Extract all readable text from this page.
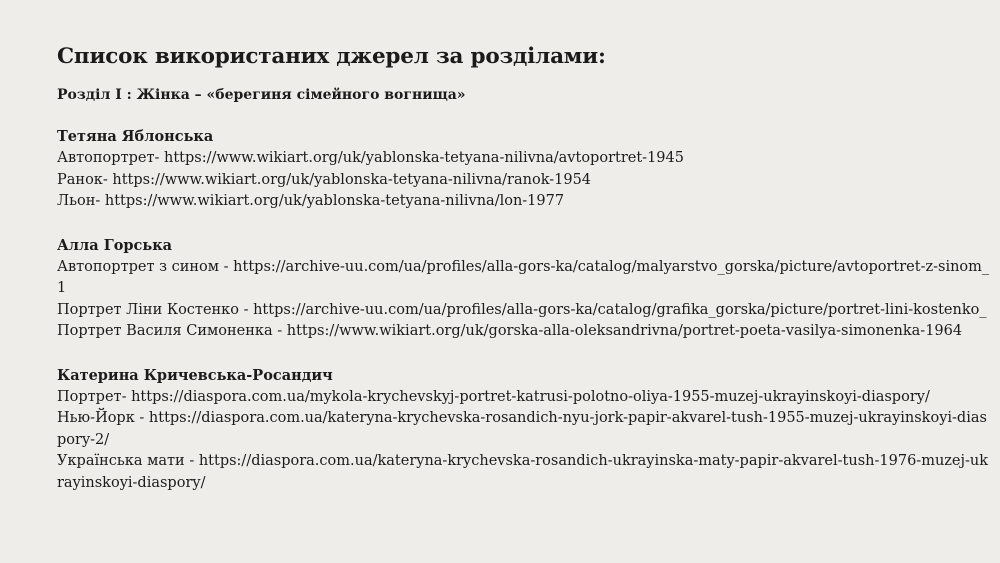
Список використаних джерел за розділами:
Розділ І : Жінка – «берегиня сімейного вогнища»
Тетяна Яблонська
Автопортрет- https://www.wikiart.org/uk/yablonska-tetyana-nilivna/avtoportret-1945
Ранок- https://www.wikiart.org/uk/yablonska-tetyana-nilivna/ranok-1954
Льон- https://www.wikiart.org/uk/yablonska-tetyana-nilivna/lon-1977
Алла Горська
Автопортрет з сином - https://archive-uu.com/ua/profiles/alla-gors-ka/catalog/malyarstvo_gorska/picture/avtoportret-z-sinom_1
Портрет Ліни Костенко - https://archive-uu.com/ua/profiles/alla-gors-ka/catalog/grafika_gorska/picture/portret-lini-kostenko_
Портрет Василя Симоненка - https://www.wikiart.org/uk/gorska-alla-oleksandrivna/portret-poeta-vasilya-simonenka-1964
Катерина Кричевська-Росандич
Портрет- https://diaspora.com.ua/mykola-krychevskyj-portret-katrusi-polotno-oliya-1955-muzej-ukrayinskoyi-diaspory/
Нью-Йорк - https://diaspora.com.ua/kateryna-krychevska-rosandich-nyu-jork-papir-akvarel-tush-1955-muzej-ukrayinskoyi-diaspory-2/
Українська мати - https://diaspora.com.ua/kateryna-krychevska-rosandich-ukrayinska-maty-papir-akvarel-tush-1976-muzej-ukrayinskoyi-diaspory/
